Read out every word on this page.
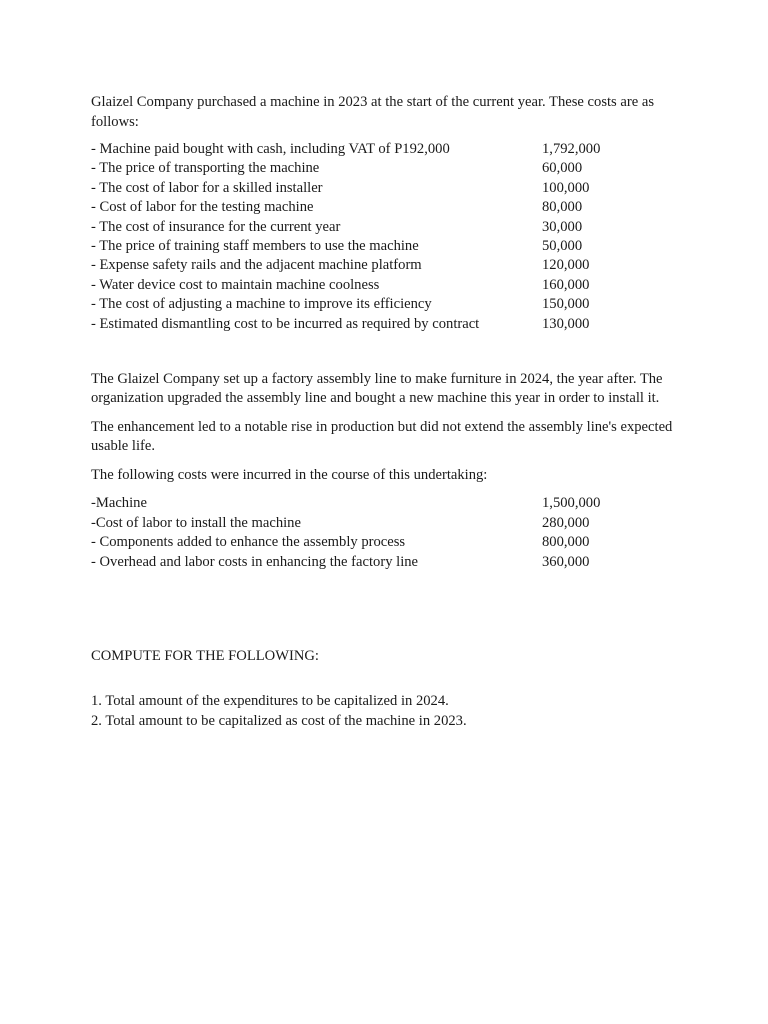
Glaizel Company purchased a machine in 2023 at the start of the current year. These costs are as follows:

- Machine paid bought with cash, including VAT of P192,000	1,792,000
- The price of transporting the machine	60,000
- The cost of labor for a skilled installer	100,000
- Cost of labor for the testing machine	80,000
- The cost of insurance for the current year	30,000
- The price of training staff members to use the machine	50,000
- Expense safety rails and the adjacent machine platform	120,000
- Water device cost to maintain machine coolness	160,000
- The cost of adjusting a machine to improve its efficiency	150,000
- Estimated dismantling cost to be incurred as required by contract	130,000

The Glaizel Company set up a factory assembly line to make furniture in 2024, the year after. The organization upgraded the assembly line and bought a new machine this year in order to install it.

The enhancement led to a notable rise in production but did not extend the assembly line's expected usable life.

The following costs were incurred in the course of this undertaking:

-Machine	1,500,000
-Cost of labor to install the machine	280,000
- Components added to enhance the assembly process	800,000
- Overhead and labor costs in enhancing the factory line	360,000

COMPUTE FOR THE FOLLOWING:

1. Total amount of the expenditures to be capitalized in 2024.

2. Total amount to be capitalized as cost of the machine in 2023.
